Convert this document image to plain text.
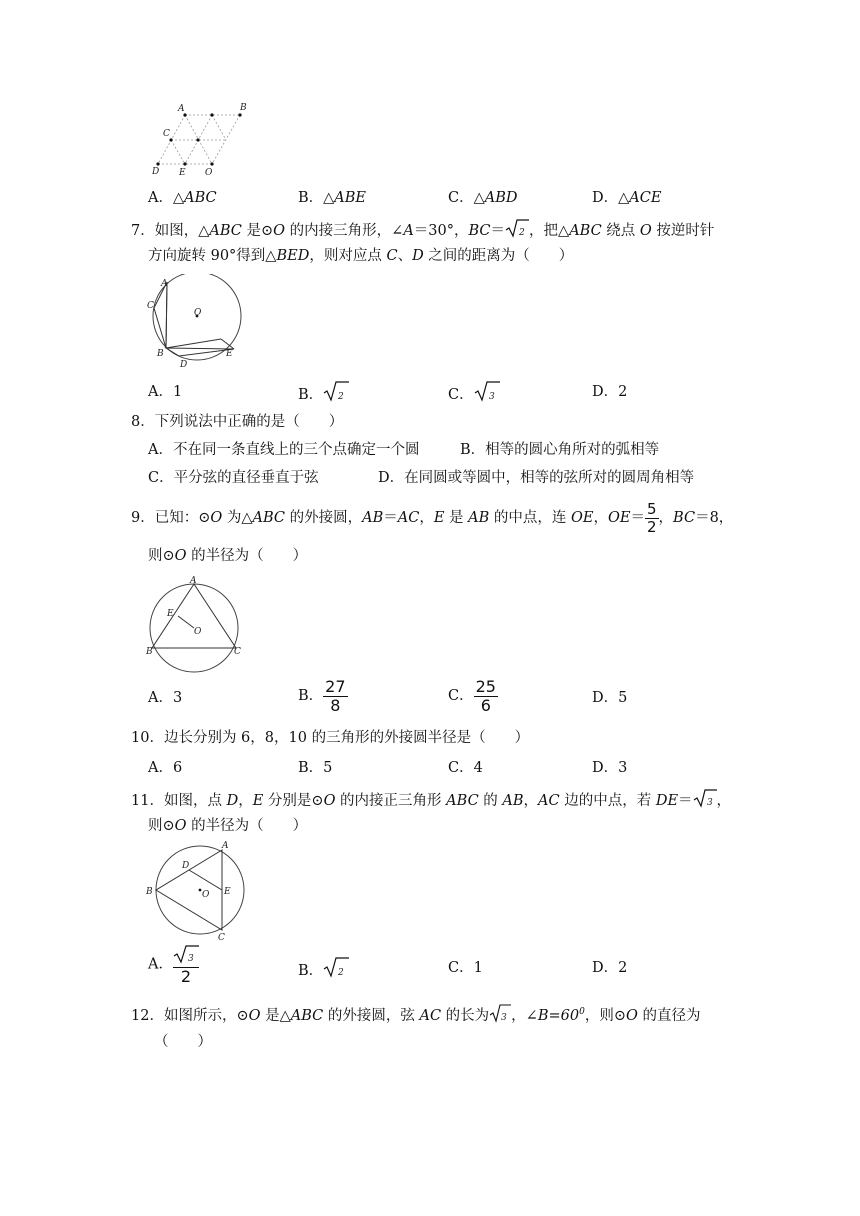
A	B
C
D E O
A．△ABC	B．△ABE	C．△ABD	D．△ACE
7．如图，△ABC 是⊙O 的内接三角形，∠A＝30°，BC＝ 2 ，把△ABC 绕点 O 按逆时针
方向旋转 90°得到△BED，则对应点 C、D 之间的距离为（　　）
A
C
O
B
D
E
A．1	B． 2	C． 3	D．2
8．下列说法中正确的是（　　）
A．不在同一条直线上的三个点确定一个圆	B．相等的圆心角所对的弧相等
C．平分弦的直径垂直于弦	D．在同圆或等圆中，相等的弦所对的圆周角相等
9．已知：⊙O 为△ABC 的外接圆，AB＝AC，E 是 AB 的中点，连 OE，$OE= \frac{5}{2}$ ，BC＝8，
则⊙O 的半径为（　　）
A
E
O
B	C
A．3	B． $\frac{27}{8}$	C． $\frac{25}{6}$	D．5
10．边长分别为 6，8，10 的三角形的外接圆半径是（　　）
A．6	B．5	C．4	D．3
11．如图，点 D，E 分别是⊙O 的内接正三角形 ABC 的 AB，AC 边的中点，若 DE＝ 3 ，
则⊙O 的半径为（　　）
A
D
B	O E
C
A． $\frac{3}{2}$	B． 2	C．1	D．2
12．如图所示，⊙O 是△ABC 的外接圆，弦 AC 的长为 3 ，$\angle B=60^0$，则⊙O 的直径为
（　　）
